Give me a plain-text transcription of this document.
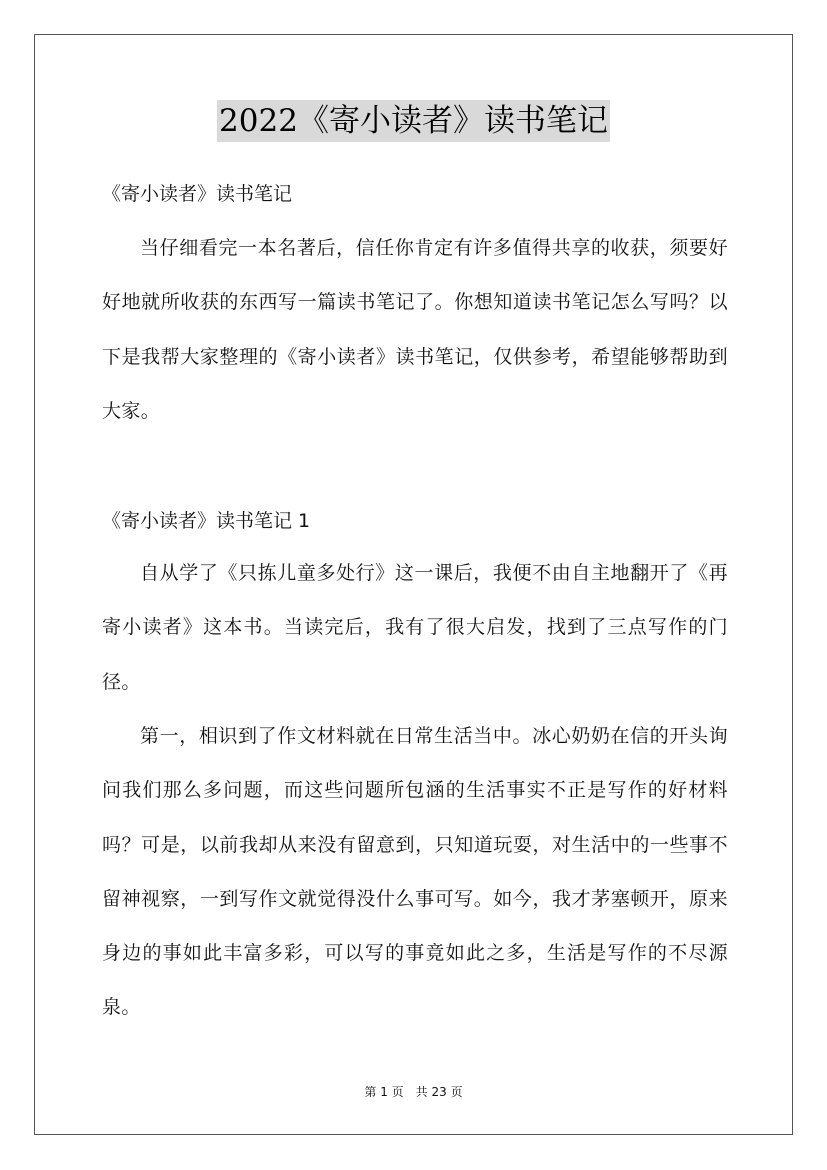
2022《寄小读者》读书笔记
《寄小读者》读书笔记

当仔细看完一本名著后，信任你肯定有许多值得共享的收获，须要好好地就所收获的东西写一篇读书笔记了。你想知道读书笔记怎么写吗？以下是我帮大家整理的《寄小读者》读书笔记，仅供参考，希望能够帮助到大家。

《寄小读者》读书笔记 1

自从学了《只拣儿童多处行》这一课后，我便不由自主地翻开了《再寄小读者》这本书。当读完后，我有了很大启发，找到了三点写作的门径。

第一，相识到了作文材料就在日常生活当中。冰心奶奶在信的开头询问我们那么多问题，而这些问题所包涵的生活事实不正是写作的好材料吗？可是，以前我却从来没有留意到，只知道玩耍，对生活中的一些事不留神视察，一到写作文就觉得没什么事可写。如今，我才茅塞顿开，原来身边的事如此丰富多彩，可以写的事竟如此之多，生活是写作的不尽源泉。

第 1 页　共 23 页
